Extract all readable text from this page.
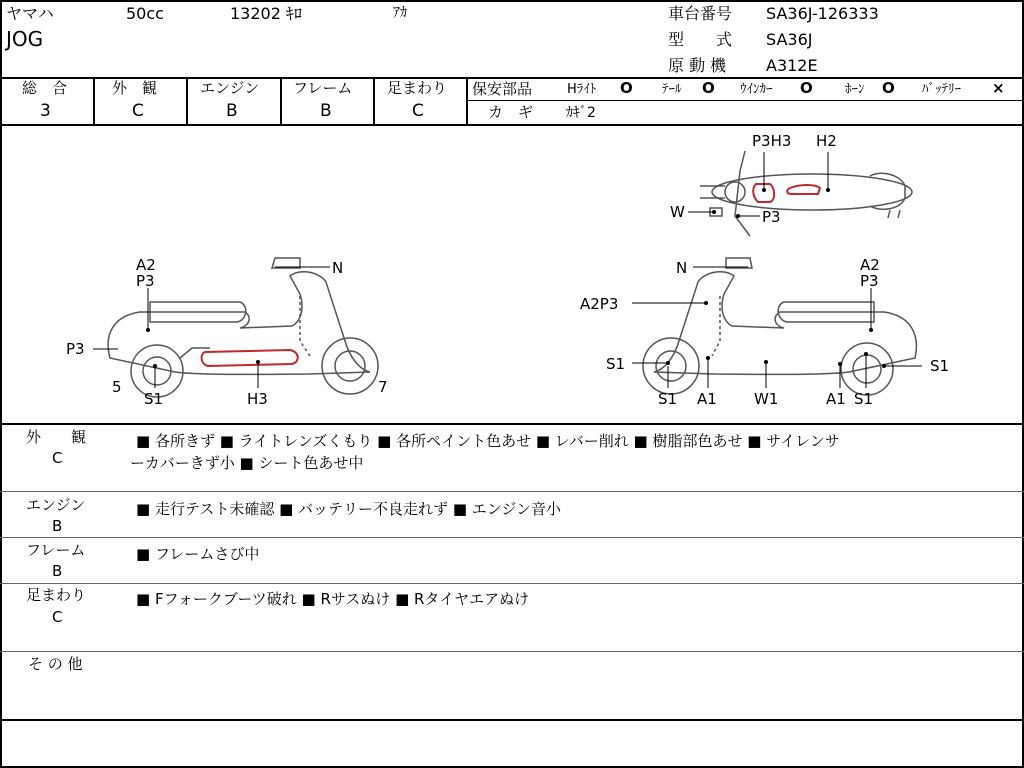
ヤマハ	50cc	13202 ｷﾛ	ｱｶ
JOG
車台番号 SA36J-126333
型　　式 SA36J
原 動 機 A312E
総　合
3
外　観
C
エンジン
B
フレーム
B
足まわり
C
保安部品	Hﾗｲﾄ O ﾃｰﾙ O ｳｲﾝｶｰ O ﾎｰﾝ O ﾊﾞｯﾃﾘｰ ×
カ　ギ ｶｷﾞ2
A2
P3
N
P3
5
S1	H3
7
N	A2
P3
A2P3
S1	S1
S1 A1 W1	A1 S1
P3H3 H2
W	P3
外　　観
C
■ 各所きず ■ ライトレンズくもり ■ 各所ペイント色あせ ■ レバー削れ ■ 樹脂部色あせ ■ サイレンサ
ーカバーきず小 ■ シート色あせ中
エンジン
B
■ 走行テスト未確認 ■ バッテリー不良走れず ■ エンジン音小
フレーム
B
■ フレームさび中
足まわり
C
■ Fフォークブーツ破れ ■ Rサスぬけ ■ Rタイヤエアぬけ
そ の 他
